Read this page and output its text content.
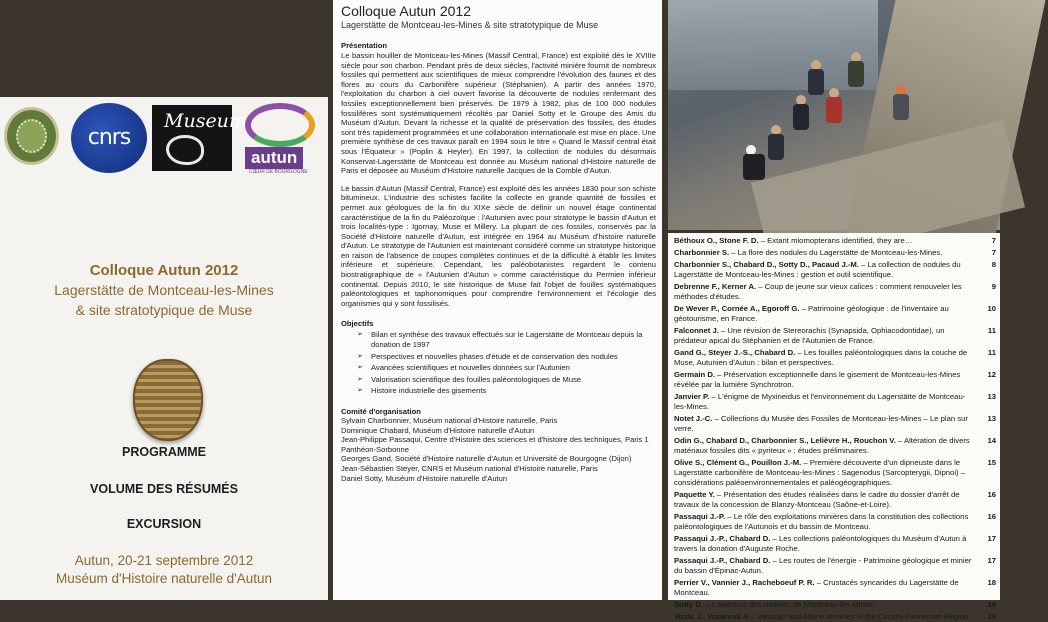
cnrs
Museum
autun
CŒUR DE BOURGOGNE
Colloque Autun 2012
Lagerstätte de Montceau-les-Mines
& site stratotypique de Muse
PROGRAMME
VOLUME DES RÉSUMÉS
EXCURSION
Autun, 20-21 septembre 2012
Muséum d'Histoire naturelle d'Autun
Colloque Autun 2012
Lagerstätte de Montceau-les-Mines & site stratotypique de Muse
Présentation
Le bassin houiller de Montceau-les-Mines (Massif Central, France) est exploité dès le XVIIIe siècle pour son charbon. Pendant près de deux siècles, l'activité minière fournit de nombreux fossiles qui permettent aux scientifiques de mieux comprendre l'évolution des faunes et des flores au cours du Carbonifère supérieur (Stéphanien). A partir des années 1970, l'exploitation du charbon à ciel ouvert favorise la découverte de nodules renfermant des fossiles exceptionnellement bien préservés. De 1979 à 1982, plus de 100 000 nodules fossilifères sont systématiquement récoltés par Daniel Sotty et le Groupe des Amis du Muséum d'Autun. Devant la richesse et la qualité de préservation des fossiles, des études sont très rapidement programmées et une collaboration internationale est mise en place. Une première synthèse de ces travaux paraît en 1994 sous le titre « Quand le Massif central était sous l'Équateur » (Poplin & Heyler). En 1997, la collection de nodules du désormais Konservat-Lagerstätte de Montceau est donnée au Muséum national d'Histoire naturelle de Paris et déposée au Muséum d'Histoire naturelle Jacques de la Comble d'Autun.
Le bassin d'Autun (Massif Central, France) est exploité dès les années 1830 pour son schiste bitumineux. L'industrie des schistes facilite la collecte en grande quantité de fossiles et permet aux géologues de la fin du XIXe siècle de définir un nouvel étage continental caractéristique de la fin du Paléozoïque : l'Autunien avec pour stratotype le bassin d'Autun et trois localités-type : Igornay, Muse et Millery. La plupart de ces fossiles, conservés par la Société d'Histoire naturelle d'Autun, est intégrée en 1964 au Muséum d'histoire naturelle d'Autun. Le stratotype de l'Autunien est maintenant considéré comme un stratotype historique en raison de l'absence de coupes complètes continues et de la difficulté à établir les limites inférieure et supérieure. Cependant, les paléobotanistes regardent le contenu biostratigraphique de « l'Autunien d'Autun » comme caractéristique du Permien inférieur continental. Depuis 2010, le site historique de Muse fait l'objet de fouilles systématiques paléontologiques et taphonomiques pour comprendre l'environnement et l'écologie des organismes qui y sont fossilisés.
Objectifs
➢ Bilan et synthèse des travaux effectués sur le Lagerstätte de Montceau depuis la donation de 1997
➢ Perspectives et nouvelles phases d'étude et de conservation des nodules
➢ Avancées scientifiques et nouvelles données sur l'Autunien
➢ Valorisation scientifique des fouilles paléontologiques de Muse
➢ Histoire industrielle des gisements
Comité d'organisation
Sylvain Charbonnier, Muséum national d'Histoire naturelle, Paris
Dominique Chabard, Muséum d'Histoire naturelle d'Autun
Jean-Philippe Passaqui, Centre d'Histoire des sciences et d'histoire des techniques, Paris 1 Panthéon-Sorbonne
Georges Gand, Société d'Histoire naturelle d'Autun et Université de Bourgogne (Dijon)
Jean-Sébastien Steyer, CNRS et Muséum national d'Histoire naturelle, Paris
Daniel Sotty, Muséum d'Histoire naturelle d'Autun
Béthoux O., Stone F. D. – Extant miomopterans identified, they are…	7
Charbonnier S. – La flore des nodules du Lagerstätte de Montceau-les-Mines.	7
Charbonnier S., Chabard D., Sotty D., Pacaud J.-M. – La collection de nodules du Lagerstätte de Montceau-les-Mines : gestion et outil scientifique.
8
Debrenne F., Kerner A. – Coup de jeune sur vieux calices : comment renouveler les méthodes d'études.
9
De Wever P., Cornée A., Egoroff G. – Patrimoine géologique : de l'inventaire au géotourisme, en France.
10
Falconnet J. – Une révision de Stereorachis (Synapsida, Ophiacodontidae), un prédateur apical du Stéphanien et de l'Autunien de France.
11
Gand G., Steyer J.-S., Chabard D. – Les fouilles paléontologiques dans la couche de Muse, Autunien d'Autun : bilan et perspectives.
11
Germain D. – Préservation exceptionnelle dans le gisement de Montceau-les-Mines révélée par la lumière Synchrotron.
12
Janvier P. – L'énigme de Myxineidus et l'environnement du Lagerstätte de Montceau-les-Mines.
13
Notet J.-C. – Collections du Musée des Fossiles de Montceau-les-Mines – Le plan sur verre.
13
Odin G., Chabard D., Charbonnier S., Lelièvre H., Rouchon V. – Altération de divers matériaux fossiles dits « pyriteux » : études préliminaires.
14
Olive S., Clément G., Pouillon J.-M. – Première découverte d'un dipneuste dans le Lagerstätte carbonifère de Montceau-les-Mines : Sagenodus (Sarcopterygii, Dipnoi) – considérations paléoenvironnementales et paléogéographiques.
15
Paquette Y. – Présentation des études réalisées dans le cadre du dossier d'arrêt de travaux de la concession de Blanzy-Montceau (Saône-et-Loire).
16
Passaqui J.-P. – Le rôle des exploitations minières dans la constitution des collections paléontologiques de l'Autunois et du bassin de Montceau.
16
Passaqui J.-P., Chabard D. – Les collections paléontologiques du Muséum d'Autun à travers la donation d'Auguste Roche.
17
Passaqui J.-P., Chabard D. – Les routes de l'énergie - Patrimoine géologique et minier du bassin d'Épinac-Autun.
17
Perrier V., Vannier J., Racheboeuf P. R. – Crustacés syncarides du Lagerstätte de Montceau.
18
Sotty D. – L'aventure des nodules de Montceau-les-Mines.	19
Vozár J., Vozárová A – Variscan and Alpine terranes of the Circum-Pannonian Region	19
